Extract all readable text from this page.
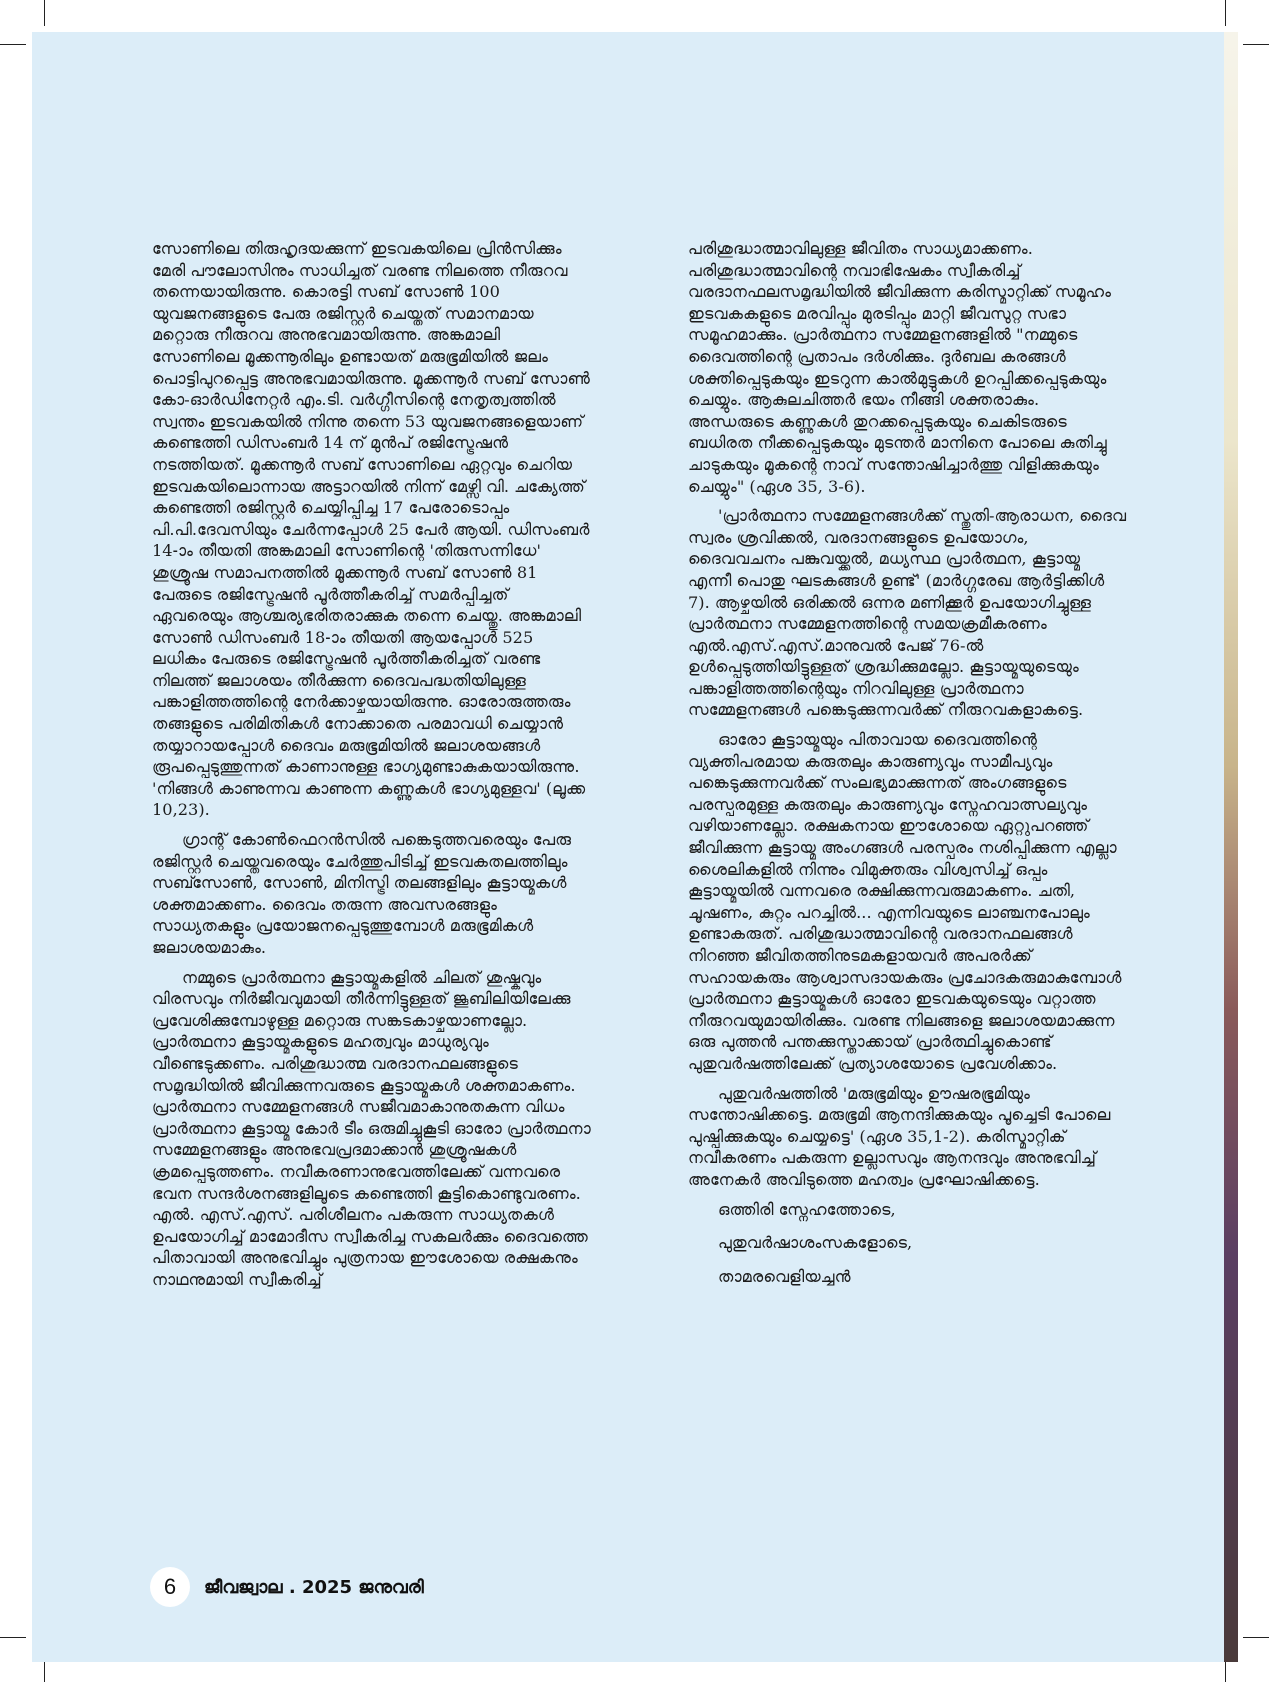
സോണിലെ തിരുഹൃദയക്കുന്ന് ഇടവകയിലെ പ്രിൻസിക്കും മേരി പൗലോസിനും സാധിച്ചത് വരണ്ട നിലത്തെ നീരുറവ തന്നെയായിരുന്നു. കൊരട്ടി സബ് സോൺ 100 യുവജനങ്ങളുടെ പേരു രജിസ്റ്റർ ചെയ്തത് സമാനമായ മറ്റൊരു നീരുറവ അനുഭവമായിരുന്നു. അങ്കമാലി സോണിലെ മൂക്കന്നൂരിലും ഉണ്ടായത് മരുഭൂമിയിൽ ജലം പൊട്ടിപുറപ്പെട്ട അനുഭവമായിരുന്നു. മൂക്കന്നൂർ സബ് സോൺ കോ-ഓർഡിനേറ്റർ എം.ടി. വർഗ്ഗീസിന്റെ നേതൃത്വത്തിൽ സ്വന്തം ഇടവകയിൽ നിന്നു തന്നെ 53 യുവജനങ്ങളെയാണ് കണ്ടെത്തി ഡിസംബർ 14 ന് മുൻപ് രജിസ്ട്രേഷൻ നടത്തിയത്. മൂക്കന്നൂർ സബ് സോണിലെ ഏറ്റവും ചെറിയ ഇടവകയിലൊന്നായ അട്ടാറയിൽ നിന്ന് മേഴ്സി വി. ചക്യേത്ത് കണ്ടെത്തി രജിസ്റ്റർ ചെയ്യിപ്പിച്ച 17 പേരോടൊപ്പം പി.പി.ദേവസിയും ചേർന്നപ്പോൾ 25 പേർ ആയി. ഡിസംബർ 14-ാം തീയതി അങ്കമാലി സോണിന്റെ 'തിരുസന്നിധേ' ശുശ്രൂഷ സമാപനത്തിൽ മൂക്കന്നൂർ സബ് സോൺ 81 പേരുടെ രജിസ്ട്രേഷൻ പൂർത്തീകരിച്ച് സമർപ്പിച്ചത് ഏവരെയും ആശ്ചര്യഭരിതരാക്കുക തന്നെ ചെയ്തു. അങ്കമാലി സോൺ ഡിസംബർ 18-ാം തീയതി ആയപ്പോൾ 525 ലധികം പേരുടെ രജിസ്ട്രേഷൻ പൂർത്തീകരിച്ചത് വരണ്ട നിലത്ത് ജലാശയം തീർക്കുന്ന ദൈവപദ്ധതിയിലുള്ള പങ്കാളിത്തത്തിന്റെ നേർക്കാഴ്ചയായിരുന്നു. ഓരോരുത്തരും തങ്ങളുടെ പരിമിതികൾ നോക്കാതെ പരമാവധി ചെയ്യാൻ തയ്യാറായപ്പോൾ ദൈവം മരുഭൂമിയിൽ ജലാശയങ്ങൾ രൂപപ്പെടുത്തുന്നത് കാണാനുള്ള ഭാഗ്യമുണ്ടാകുകയായിരുന്നു. 'നിങ്ങൾ കാണുന്നവ കാണുന്ന കണ്ണുകൾ ഭാഗ്യമുള്ളവ' (ലൂക്ക 10,23).

ഗ്രാന്റ് കോൺഫെറൻസിൽ പങ്കെടുത്തവരെയും പേരു രജിസ്റ്റർ ചെയ്തവരെയും ചേർത്തുപിടിച്ച് ഇടവകതലത്തിലും സബ്സോൺ, സോൺ, മിനിസ്ട്രി തലങ്ങളിലും കൂട്ടായ്മകൾ ശക്തമാക്കണം. ദൈവം തരുന്ന അവസരങ്ങളും സാധ്യതകളും പ്രയോജനപ്പെടുത്തുമ്പോൾ മരുഭൂമികൾ ജലാശയമാകും.

നമ്മുടെ പ്രാർത്ഥനാ കൂട്ടായ്മകളിൽ ചിലത് ശുഷ്കവും വിരസവും നിർജീവവുമായി തീർന്നിട്ടുള്ളത് ജൂബിലിയിലേക്കു പ്രവേശിക്കുമ്പോഴുള്ള മറ്റൊരു സങ്കടകാഴ്ചയാണല്ലോ. പ്രാർത്ഥനാ കൂട്ടായ്മകളുടെ മഹത്വവും മാധുര്യവും വീണ്ടെടുക്കണം. പരിശുദ്ധാത്മ വരദാനഫലങ്ങളുടെ സമൃദ്ധിയിൽ ജീവിക്കുന്നവരുടെ കൂട്ടായ്മകൾ ശക്തമാകണം. പ്രാർത്ഥനാ സമ്മേളനങ്ങൾ സജീവമാകാനുതകുന്ന വിധം പ്രാർത്ഥനാ കൂട്ടായ്മ കോർ ടീം ഒരുമിച്ചുകൂടി ഓരോ പ്രാർത്ഥനാ സമ്മേളനങ്ങളും അനുഭവപ്രദമാക്കാൻ ശുശ്രൂഷകൾ ക്രമപ്പെടുത്തണം. നവീകരണാനുഭവത്തിലേക്ക് വന്നവരെ ഭവന സന്ദർശനങ്ങളിലൂടെ കണ്ടെത്തി കൂട്ടികൊണ്ടുവരണം. എൽ. എസ്.എസ്. പരിശീലനം പകരുന്ന സാധ്യതകൾ ഉപയോഗിച്ച് മാമോദീസ സ്വീകരിച്ച സകലർക്കും ദൈവത്തെ പിതാവായി അനുഭവിച്ചും പുത്രനായ ഈശോയെ രക്ഷകനും നാഥനുമായി സ്വീകരിച്ച്

പരിശുദ്ധാത്മാവിലുള്ള ജീവിതം സാധ്യമാക്കണം. പരിശുദ്ധാത്മാവിന്റെ നവാഭിഷേകം സ്വീകരിച്ച് വരദാനഫലസമൃദ്ധിയിൽ ജീവിക്കുന്ന കരിസ്മാറ്റിക്ക് സമൂഹം ഇടവകകളുടെ മരവിപ്പും മുരടിപ്പും മാറ്റി ജീവസുറ്റ സഭാ സമൂഹമാക്കും. പ്രാർത്ഥനാ സമ്മേളനങ്ങളിൽ "നമ്മുടെ ദൈവത്തിന്റെ പ്രതാപം ദർശിക്കും. ദുർബല കരങ്ങൾ ശക്തിപ്പെടുകയും ഇടറുന്ന കാൽമുട്ടുകൾ ഉറപ്പിക്കപ്പെടുകയും ചെയ്യും. ആകുലചിത്തർ ഭയം നീങ്ങി ശക്തരാകും. അന്ധരുടെ കണ്ണുകൾ തുറക്കപ്പെടുകയും ചെകിടരുടെ ബധിരത നീക്കപ്പെടുകയും മുടന്തർ മാനിനെ പോലെ കുതിച്ചു ചാടുകയും മൂകന്റെ നാവ് സന്തോഷിച്ചാർത്തു വിളിക്കുകയും ചെയ്യും" (ഏശ 35, 3-6).

'പ്രാർത്ഥനാ സമ്മേളനങ്ങൾക്ക് സ്തുതി-ആരാധന, ദൈവ സ്വരം ശ്രവിക്കൽ, വരദാനങ്ങളുടെ ഉപയോഗം, ദൈവവചനം പങ്കുവയ്ക്കൽ, മധ്യസ്ഥ പ്രാർത്ഥന, കൂട്ടായ്മ എന്നീ പൊതു ഘടകങ്ങൾ ഉണ്ട്' (മാർഗ്ഗരേഖ ആർട്ടിക്കിൾ 7). ആഴ്ചയിൽ ഒരിക്കൽ ഒന്നര മണിക്കൂർ ഉപയോഗിച്ചുള്ള പ്രാർത്ഥനാ സമ്മേളനത്തിന്റെ സമയക്രമീകരണം എൽ.എസ്.എസ്.മാനുവൽ പേജ് 76-ൽ ഉൾപ്പെടുത്തിയിട്ടുള്ളത് ശ്രദ്ധിക്കുമല്ലോ. കൂട്ടായ്മയുടെയും പങ്കാളിത്തത്തിന്റെയും നിറവിലുള്ള പ്രാർത്ഥനാ സമ്മേളനങ്ങൾ പങ്കെടുക്കുന്നവർക്ക് നീരുറവകളാകട്ടെ.

ഓരോ കൂട്ടായ്മയും പിതാവായ ദൈവത്തിന്റെ വ്യക്തിപരമായ കരുതലും കാരുണ്യവും സാമീപ്യവും പങ്കെടുക്കുന്നവർക്ക് സംലഭ്യമാക്കുന്നത് അംഗങ്ങളുടെ പരസ്പരമുള്ള കരുതലും കാരുണ്യവും സ്നേഹവാത്സല്യവും വഴിയാണല്ലോ. രക്ഷകനായ ഈശോയെ ഏറ്റുപറഞ്ഞ് ജീവിക്കുന്ന കൂട്ടായ്മ അംഗങ്ങൾ പരസ്പരം നശിപ്പിക്കുന്ന എല്ലാ ശൈലികളിൽ നിന്നും വിമുക്തരും വിശ്വസിച്ച് ഒപ്പം കൂട്ടായ്മയിൽ വന്നവരെ രക്ഷിക്കുന്നവരുമാകണം. ചതി, ചൂഷണം, കുറ്റം പറച്ചിൽ... എന്നിവയുടെ ലാഞ്ചനപോലും ഉണ്ടാകരുത്. പരിശുദ്ധാത്മാവിന്റെ വരദാനഫലങ്ങൾ നിറഞ്ഞ ജീവിതത്തിനുടമകളായവർ അപരർക്ക് സഹായകരും ആശ്വാസദായകരും പ്രചോദകരുമാകുമ്പോൾ പ്രാർത്ഥനാ കൂട്ടായ്മകൾ ഓരോ ഇടവകയുടെയും വറ്റാത്ത നീരുറവയുമായിരിക്കും. വരണ്ട നിലങ്ങളെ ജലാശയമാക്കുന്ന ഒരു പുത്തൻ പന്തക്കുസ്താക്കായ് പ്രാർത്ഥിച്ചുകൊണ്ട് പുതുവർഷത്തിലേക്ക് പ്രത്യാശയോടെ പ്രവേശിക്കാം.

പുതുവർഷത്തിൽ 'മരുഭൂമിയും ഊഷരഭൂമിയും സന്തോഷിക്കട്ടെ. മരുഭൂമി ആനന്ദിക്കുകയും പൂച്ചെടി പോലെ പുഷ്പിക്കുകയും ചെയ്യട്ടെ' (ഏശ 35,1-2). കരിസ്മാറ്റിക് നവീകരണം പകരുന്ന ഉല്ലാസവും ആനന്ദവും അനുഭവിച്ച് അനേകർ അവിടുത്തെ മഹത്വം പ്രഘോഷിക്കട്ടെ.

ഒത്തിരി സ്നേഹത്തോടെ,

പുതുവർഷാശംസകളോടെ,

താമരവെളിയച്ചൻ

6	ജീവജ്വാല . 2025 ജനുവരി
